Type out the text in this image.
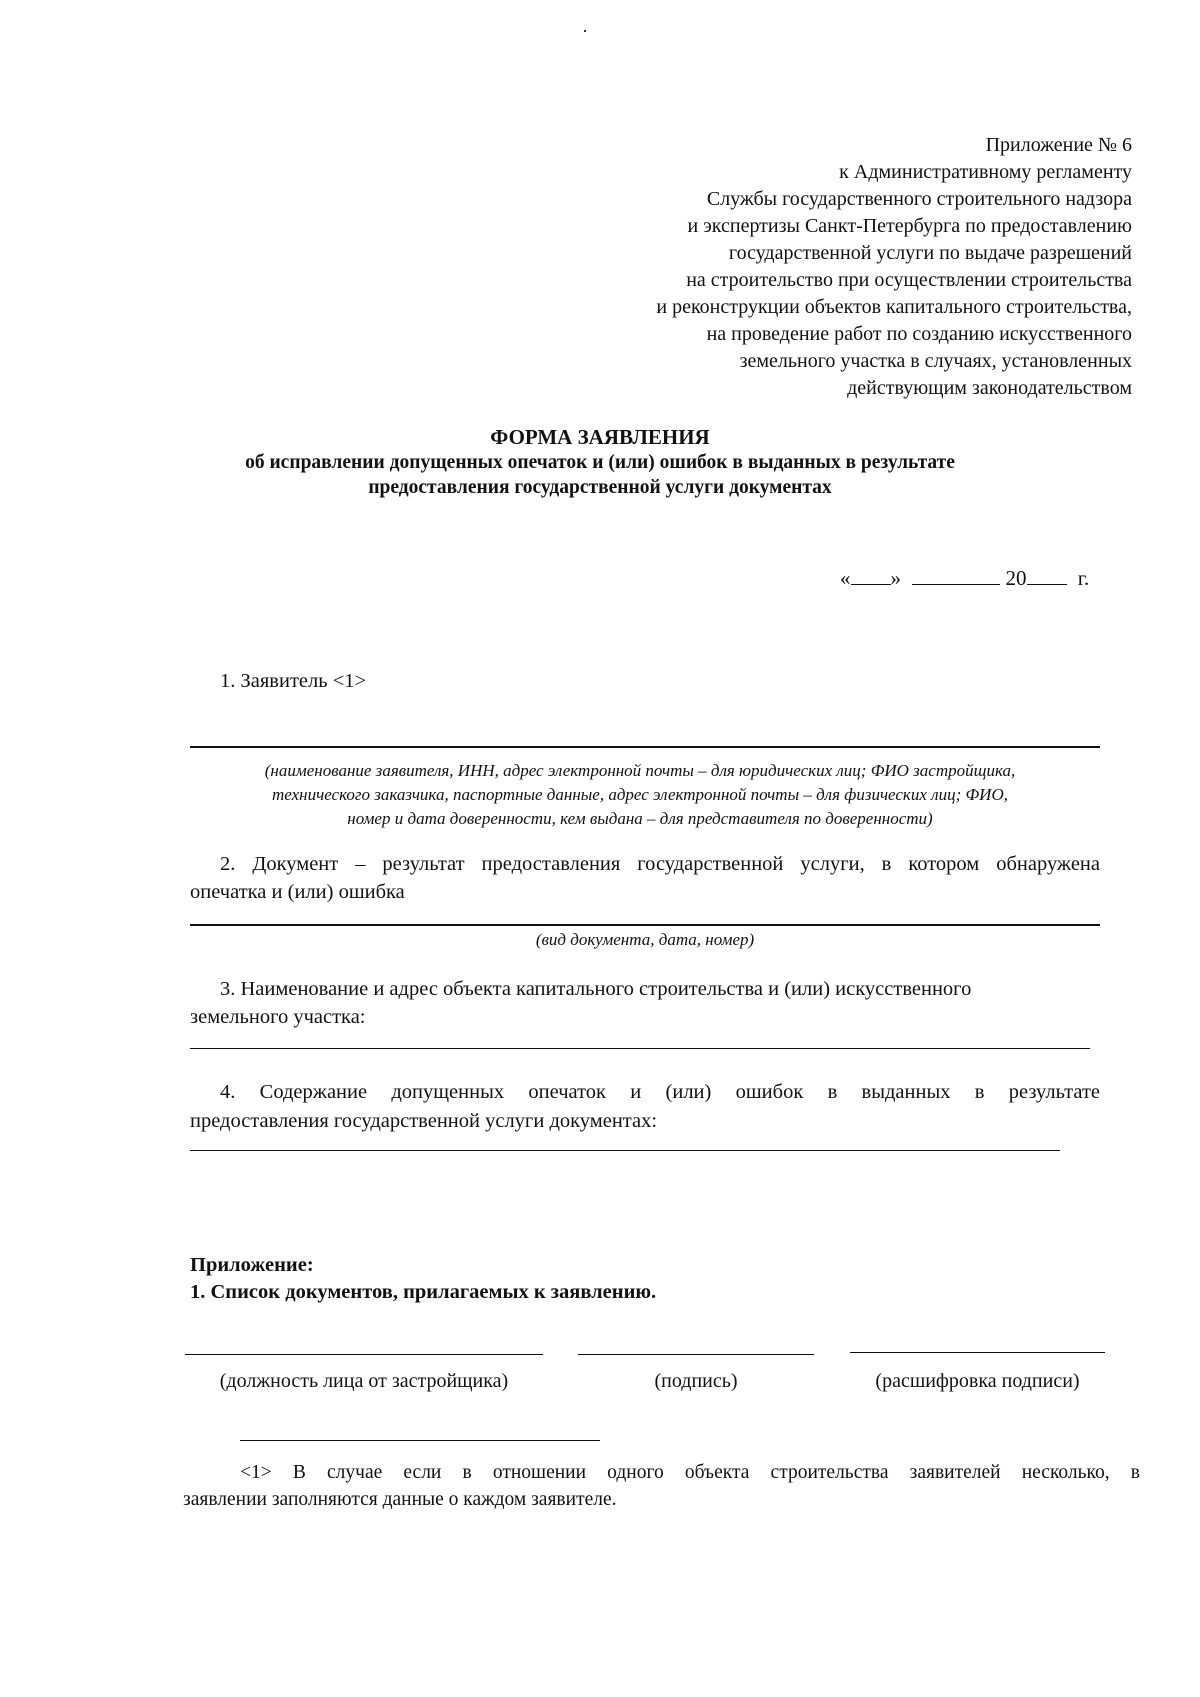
Приложение № 6
к Административному регламенту
Службы государственного строительного надзора
и экспертизы Санкт-Петербурга по предоставлению
государственной услуги по выдаче разрешений
на строительство при осуществлении строительства
и реконструкции объектов капитального строительства,
на проведение работ по созданию искусственного
земельного участка в случаях, установленных
действующим законодательством
ФОРМА ЗАЯВЛЕНИЯ
об исправлении допущенных опечаток и (или) ошибок в выданных в результате
предоставления государственной услуги документах
« »	20 г.
1. Заявитель <1>
(наименование заявителя, ИНН, адрес электронной почты – для юридических лиц; ФИО застройщика,
технического заказчика, паспортные данные, адрес электронной почты – для физических лиц; ФИО,
номер и дата доверенности, кем выдана – для представителя по доверенности)
2. Документ – результат предоставления государственной услуги, в котором обнаружена
опечатка и (или) ошибка
(вид документа, дата, номер)
3. Наименование и адрес объекта капитального строительства и (или) искусственного
земельного участка:
4. Содержание допущенных опечаток и (или) ошибок в выданных в результате
предоставления государственной услуги документах:
Приложение:
1. Список документов, прилагаемых к заявлению.
(должность лица от застройщика)	(подпись)	(расшифровка подписи)
<1> В случае если в отношении одного объекта строительства заявителей несколько, в
заявлении заполняются данные о каждом заявителе.
